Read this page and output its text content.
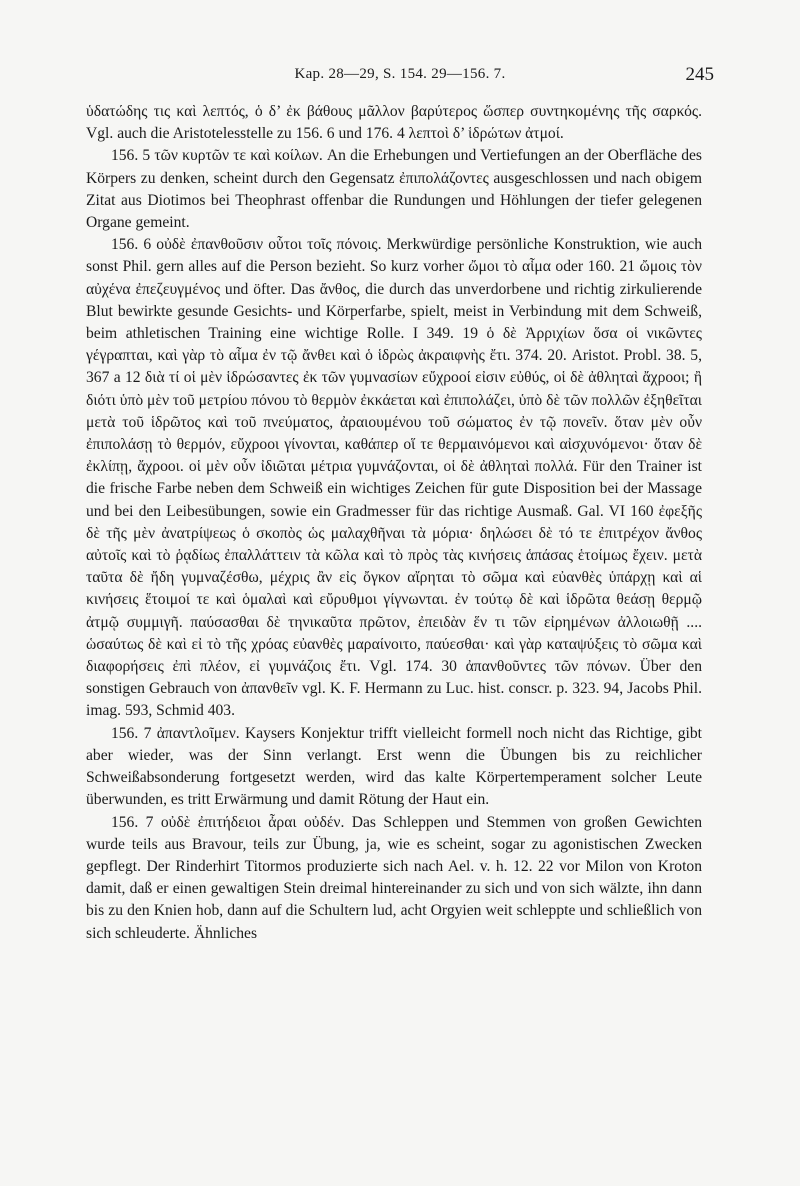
Kap. 28—29, S. 154. 29—156. 7.	245

ὑδατώδης τις καὶ λεπτός, ὁ δ’ ἐκ βάθους μᾶλλον βαρύτερος ὥσπερ συντηκομένης τῆς σαρκός. Vgl. auch die Aristotelesstelle zu 156. 6 und 176. 4 λεπτοὶ δ’ ἱδρώτων ἀτμοί.

156. 5 τῶν κυρτῶν τε καὶ κοίλων. An die Erhebungen und Vertiefungen an der Oberfläche des Körpers zu denken, scheint durch den Gegensatz ἐπιπολάζοντες ausgeschlossen und nach obigem Zitat aus Diotimos bei Theophrast offenbar die Rundungen und Höhlungen der tiefer gelegenen Organe gemeint.

156. 6 οὐδὲ ἐπανθοῦσιν οὗτοι τοῖς πόνοις. Merkwürdige persönliche Konstruktion, wie auch sonst Phil. gern alles auf die Person bezieht. So kurz vorher ὤμοι τὸ αἷμα oder 160. 21 ὤμοις τὸν αὐχένα ἐπεζευγμένος und öfter. Das ἄνθος, die durch das unverdorbene und richtig zirkulierende Blut bewirkte gesunde Gesichts- und Körperfarbe, spielt, meist in Verbindung mit dem Schweiß, beim athletischen Training eine wichtige Rolle. I 349. 19 ὁ δὲ Ἀρριχίων ὅσα οἱ νικῶντες γέγραπται, καὶ γὰρ τὸ αἷμα ἐν τῷ ἄνθει καὶ ὁ ἱδρὼς ἀκραιφνὴς ἔτι. 374. 20. Aristot. Probl. 38. 5, 367 a 12 διὰ τί οἱ μὲν ἱδρώσαντες ἐκ τῶν γυμνασίων εὔχροοί εἰσιν εὐθύς, οἱ δὲ ἀθληταὶ ἄχροοι; ἢ διότι ὑπὸ μὲν τοῦ μετρίου πόνου τὸ θερμὸν ἐκκάεται καὶ ἐπιπολάζει, ὑπὸ δὲ τῶν πολλῶν ἐξηθεῖται μετὰ τοῦ ἱδρῶτος καὶ τοῦ πνεύματος, ἀραιουμένου τοῦ σώματος ἐν τῷ πονεῖν. ὅταν μὲν οὖν ἐπιπολάσῃ τὸ θερμόν, εὔχροοι γίνονται, καθάπερ οἵ τε θερμαινόμενοι καὶ αἰσχυνόμενοι· ὅταν δὲ ἐκλίπῃ, ἄχροοι. οἱ μὲν οὖν ἰδιῶται μέτρια γυμνάζονται, οἱ δὲ ἀθληταὶ πολλά. Für den Trainer ist die frische Farbe neben dem Schweiß ein wichtiges Zeichen für gute Disposition bei der Massage und bei den Leibesübungen, sowie ein Gradmesser für das richtige Ausmaß. Gal. VI 160 ἐφεξῆς δὲ τῆς μὲν ἀνατρίψεως ὁ σκοπὸς ὡς μαλαχθῆναι τὰ μόρια· δηλώσει δὲ τό τε ἐπιτρέχον ἄνθος αὐτοῖς καὶ τὸ ῥᾳδίως ἐπαλλάττειν τὰ κῶλα καὶ τὸ πρὸς τὰς κινήσεις ἁπάσας ἑτοίμως ἔχειν. μετὰ ταῦτα δὲ ἤδη γυμναζέσθω, μέχρις ἂν εἰς ὄγκον αἴρηται τὸ σῶμα καὶ εὐανθὲς ὑπάρχῃ καὶ αἱ κινήσεις ἕτοιμοί τε καὶ ὁμαλαὶ καὶ εὔρυθμοι γίγνωνται. ἐν τούτῳ δὲ καὶ ἱδρῶτα θεάσῃ θερμῷ ἀτμῷ συμμιγῆ. παύσασθαι δὲ τηνικαῦτα πρῶτον, ἐπειδὰν ἕν τι τῶν εἰρημένων ἀλλοιωθῇ .... ὡσαύτως δὲ καὶ εἰ τὸ τῆς χρόας εὐανθὲς μαραίνοιτο, παύεσθαι· καὶ γὰρ καταψύξεις τὸ σῶμα καὶ διαφορήσεις ἐπὶ πλέον, εἰ γυμνάζοις ἔτι. Vgl. 174. 30 ἀπανθοῦντες τῶν πόνων. Über den sonstigen Gebrauch von ἀπανθεῖν vgl. K. F. Hermann zu Luc. hist. conscr. p. 323. 94, Jacobs Phil. imag. 593, Schmid 403.

156. 7 ἀπαντλοῖμεν. Kaysers Konjektur trifft vielleicht formell noch nicht das Richtige, gibt aber wieder, was der Sinn verlangt. Erst wenn die Übungen bis zu reichlicher Schweißabsonderung fortgesetzt werden, wird das kalte Körpertemperament solcher Leute überwunden, es tritt Erwärmung und damit Rötung der Haut ein.

156. 7 οὐδὲ ἐπιτήδειοι ἆραι οὐδέν. Das Schleppen und Stemmen von großen Gewichten wurde teils aus Bravour, teils zur Übung, ja, wie es scheint, sogar zu agonistischen Zwecken gepflegt. Der Rinderhirt Titormos produzierte sich nach Ael. v. h. 12. 22 vor Milon von Kroton damit, daß er einen gewaltigen Stein dreimal hintereinander zu sich und von sich wälzte, ihn dann bis zu den Knien hob, dann auf die Schultern lud, acht Orgyien weit schleppte und schließlich von sich schleuderte. Ähnliches
